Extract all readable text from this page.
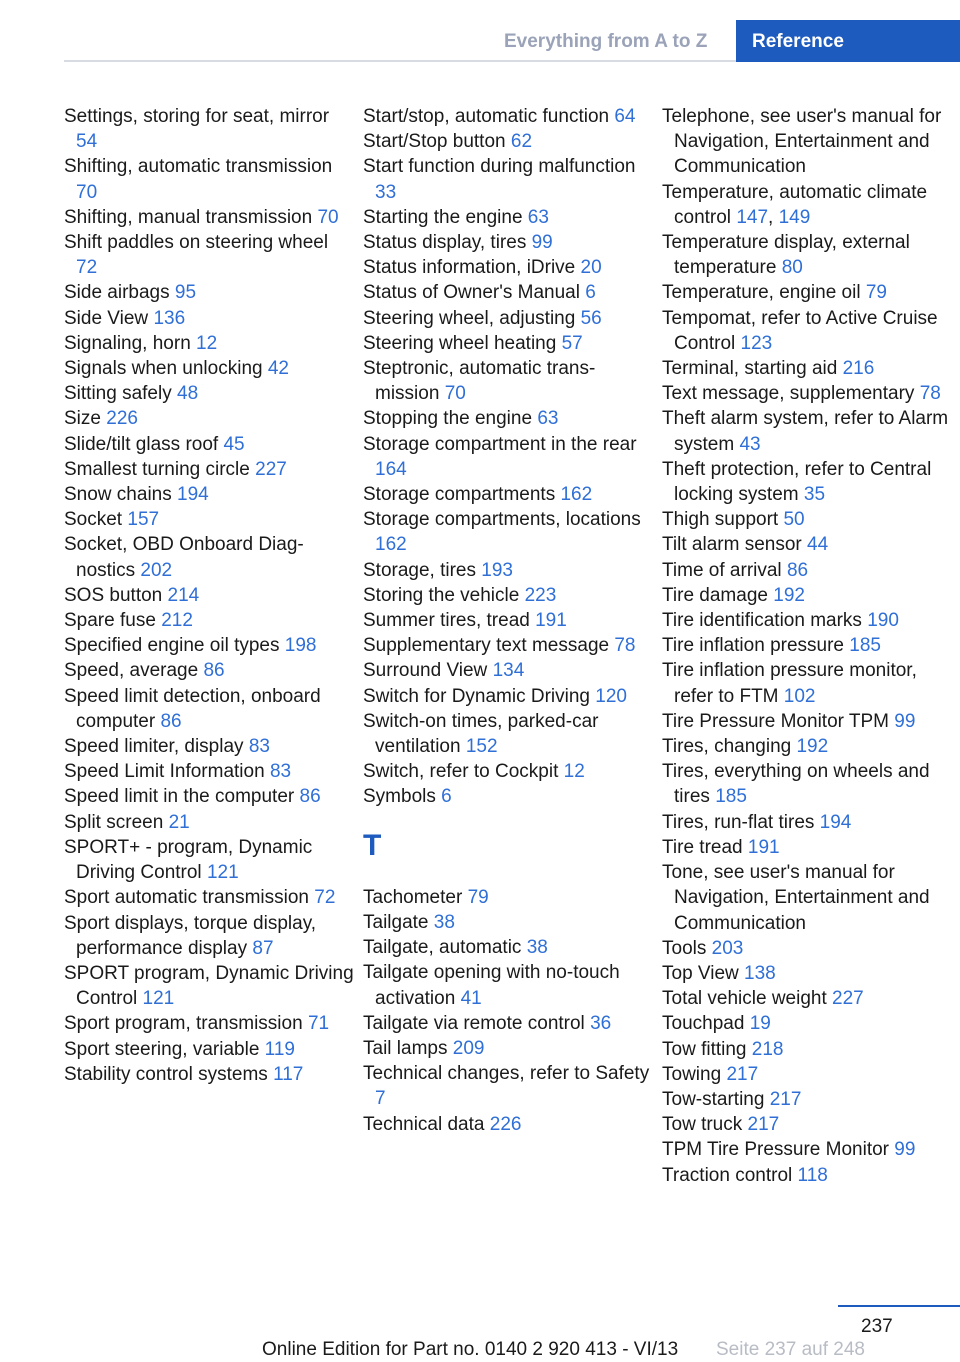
Everything from A to Z	Reference
Settings, storing for seat, mirror 54
Shifting, automatic transmission 70
Shifting, manual transmission 70
Shift paddles on steering wheel 72
Side airbags 95
Side View 136
Signaling, horn 12
Signals when unlocking 42
Sitting safely 48
Size 226
Slide/tilt glass roof 45
Smallest turning circle 227
Snow chains 194
Socket 157
Socket, OBD Onboard Diagnostics 202
SOS button 214
Spare fuse 212
Specified engine oil types 198
Speed, average 86
Speed limit detection, onboard computer 86
Speed limiter, display 83
Speed Limit Information 83
Speed limit in the computer 86
Split screen 21
SPORT+ - program, Dynamic Driving Control 121
Sport automatic transmission 72
Sport displays, torque display, performance display 87
SPORT program, Dynamic Driving Control 121
Sport program, transmission 71
Sport steering, variable 119
Stability control systems 117
Start/stop, automatic function 64
Start/Stop button 62
Start function during malfunction 33
Starting the engine 63
Status display, tires 99
Status information, iDrive 20
Status of Owner's Manual 6
Steering wheel, adjusting 56
Steering wheel heating 57
Steptronic, automatic transmission 70
Stopping the engine 63
Storage compartment in the rear 164
Storage compartments 162
Storage compartments, locations 162
Storage, tires 193
Storing the vehicle 223
Summer tires, tread 191
Supplementary text message 78
Surround View 134
Switch for Dynamic Driving 120
Switch-on times, parked-car ventilation 152
Switch, refer to Cockpit 12
Symbols 6
T
Tachometer 79
Tailgate 38
Tailgate, automatic 38
Tailgate opening with no-touch activation 41
Tailgate via remote control 36
Tail lamps 209
Technical changes, refer to Safety 7
Technical data 226
Telephone, see user's manual for Navigation, Entertainment and Communication
Temperature, automatic climate control 147, 149
Temperature display, external temperature 80
Temperature, engine oil 79
Tempomat, refer to Active Cruise Control 123
Terminal, starting aid 216
Text message, supplementary 78
Theft alarm system, refer to Alarm system 43
Theft protection, refer to Central locking system 35
Thigh support 50
Tilt alarm sensor 44
Time of arrival 86
Tire damage 192
Tire identification marks 190
Tire inflation pressure 185
Tire inflation pressure monitor, refer to FTM 102
Tire Pressure Monitor TPM 99
Tires, changing 192
Tires, everything on wheels and tires 185
Tires, run-flat tires 194
Tire tread 191
Tone, see user's manual for Navigation, Entertainment and Communication
Tools 203
Top View 138
Total vehicle weight 227
Touchpad 19
Tow fitting 218
Towing 217
Tow-starting 217
Tow truck 217
TPM Tire Pressure Monitor 99
Traction control 118
237
Seite 237 auf 248
Online Edition for Part no. 0140 2 920 413 - VI/13
